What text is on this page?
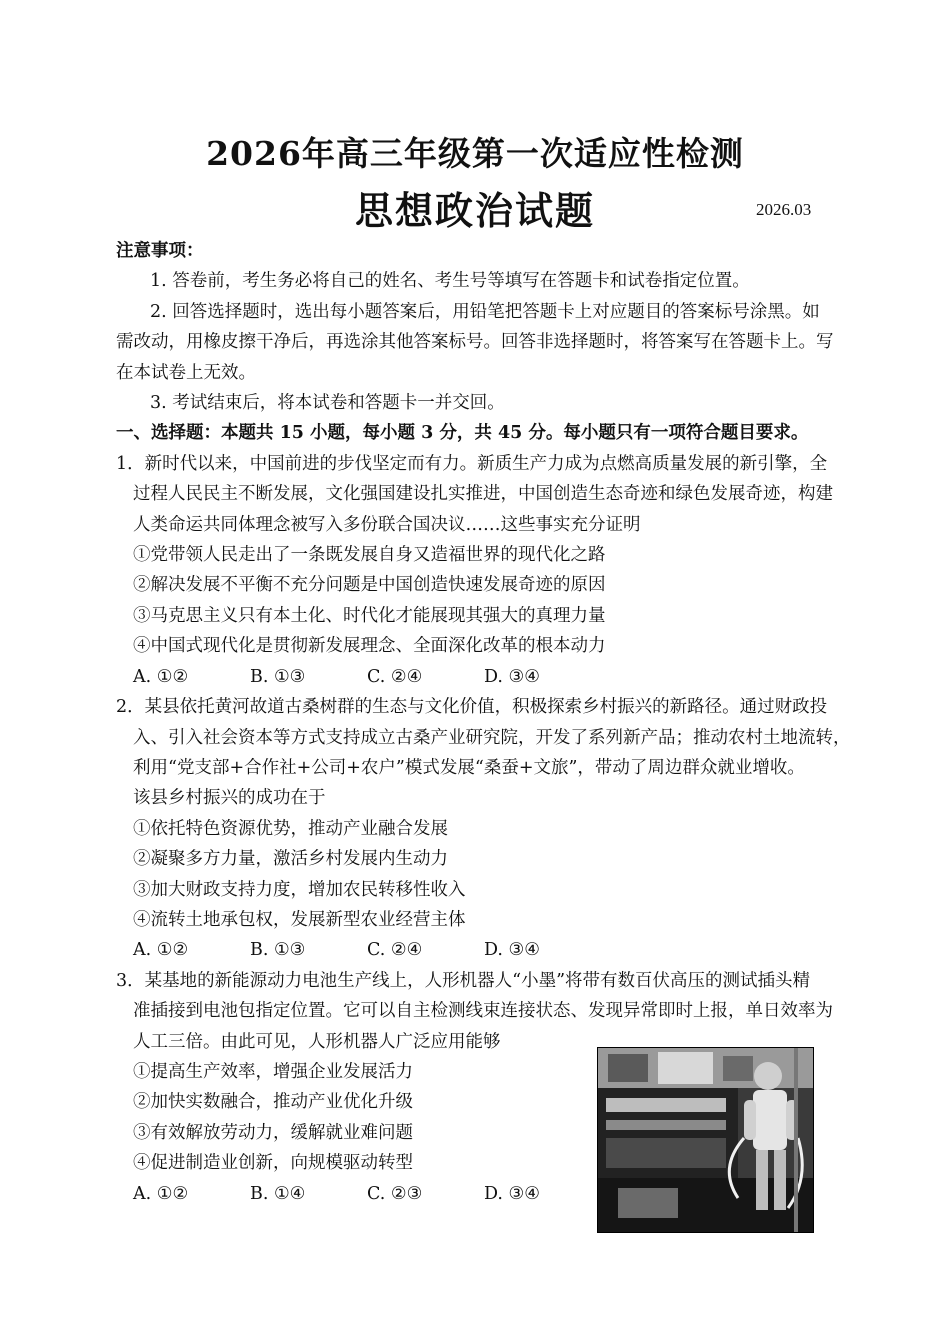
2026年高三年级第一次适应性检测
思想政治试题	2026.03
注意事项：
1. 答卷前，考生务必将自己的姓名、考生号等填写在答题卡和试卷指定位置。
2. 回答选择题时，选出每小题答案后，用铅笔把答题卡上对应题目的答案标号涂黑。如
需改动，用橡皮擦干净后，再选涂其他答案标号。回答非选择题时，将答案写在答题卡上。写
在本试卷上无效。
3. 考试结束后，将本试卷和答题卡一并交回。
一、选择题：本题共 15 小题，每小题 3 分，共 45 分。每小题只有一项符合题目要求。
1．新时代以来，中国前进的步伐坚定而有力。新质生产力成为点燃高质量发展的新引擎，全
过程人民民主不断发展，文化强国建设扎实推进，中国创造生态奇迹和绿色发展奇迹，构建
人类命运共同体理念被写入多份联合国决议……这些事实充分证明
①党带领人民走出了一条既发展自身又造福世界的现代化之路
②解决发展不平衡不充分问题是中国创造快速发展奇迹的原因
③马克思主义只有本土化、时代化才能展现其强大的真理力量
④中国式现代化是贯彻新发展理念、全面深化改革的根本动力
A. ①②	B. ①③	C. ②④	D. ③④
2．某县依托黄河故道古桑树群的生态与文化价值，积极探索乡村振兴的新路径。通过财政投
入、引入社会资本等方式支持成立古桑产业研究院，开发了系列新产品；推动农村土地流转，
利用“党支部+合作社+公司+农户”模式发展“桑蚕+文旅”，带动了周边群众就业增收。
该县乡村振兴的成功在于
①依托特色资源优势，推动产业融合发展
②凝聚多方力量，激活乡村发展内生动力
③加大财政支持力度，增加农民转移性收入
④流转土地承包权，发展新型农业经营主体
A. ①②	B. ①③	C. ②④	D. ③④
3．某基地的新能源动力电池生产线上，人形机器人“小墨”将带有数百伏高压的测试插头精
准插接到电池包指定位置。它可以自主检测线束连接状态、发现异常即时上报，单日效率为
人工三倍。由此可见，人形机器人广泛应用能够
①提高生产效率，增强企业发展活力
②加快实数融合，推动产业优化升级
③有效解放劳动力，缓解就业难问题
④促进制造业创新，向规模驱动转型
A. ①②	B. ①④	C. ②③	D. ③④
